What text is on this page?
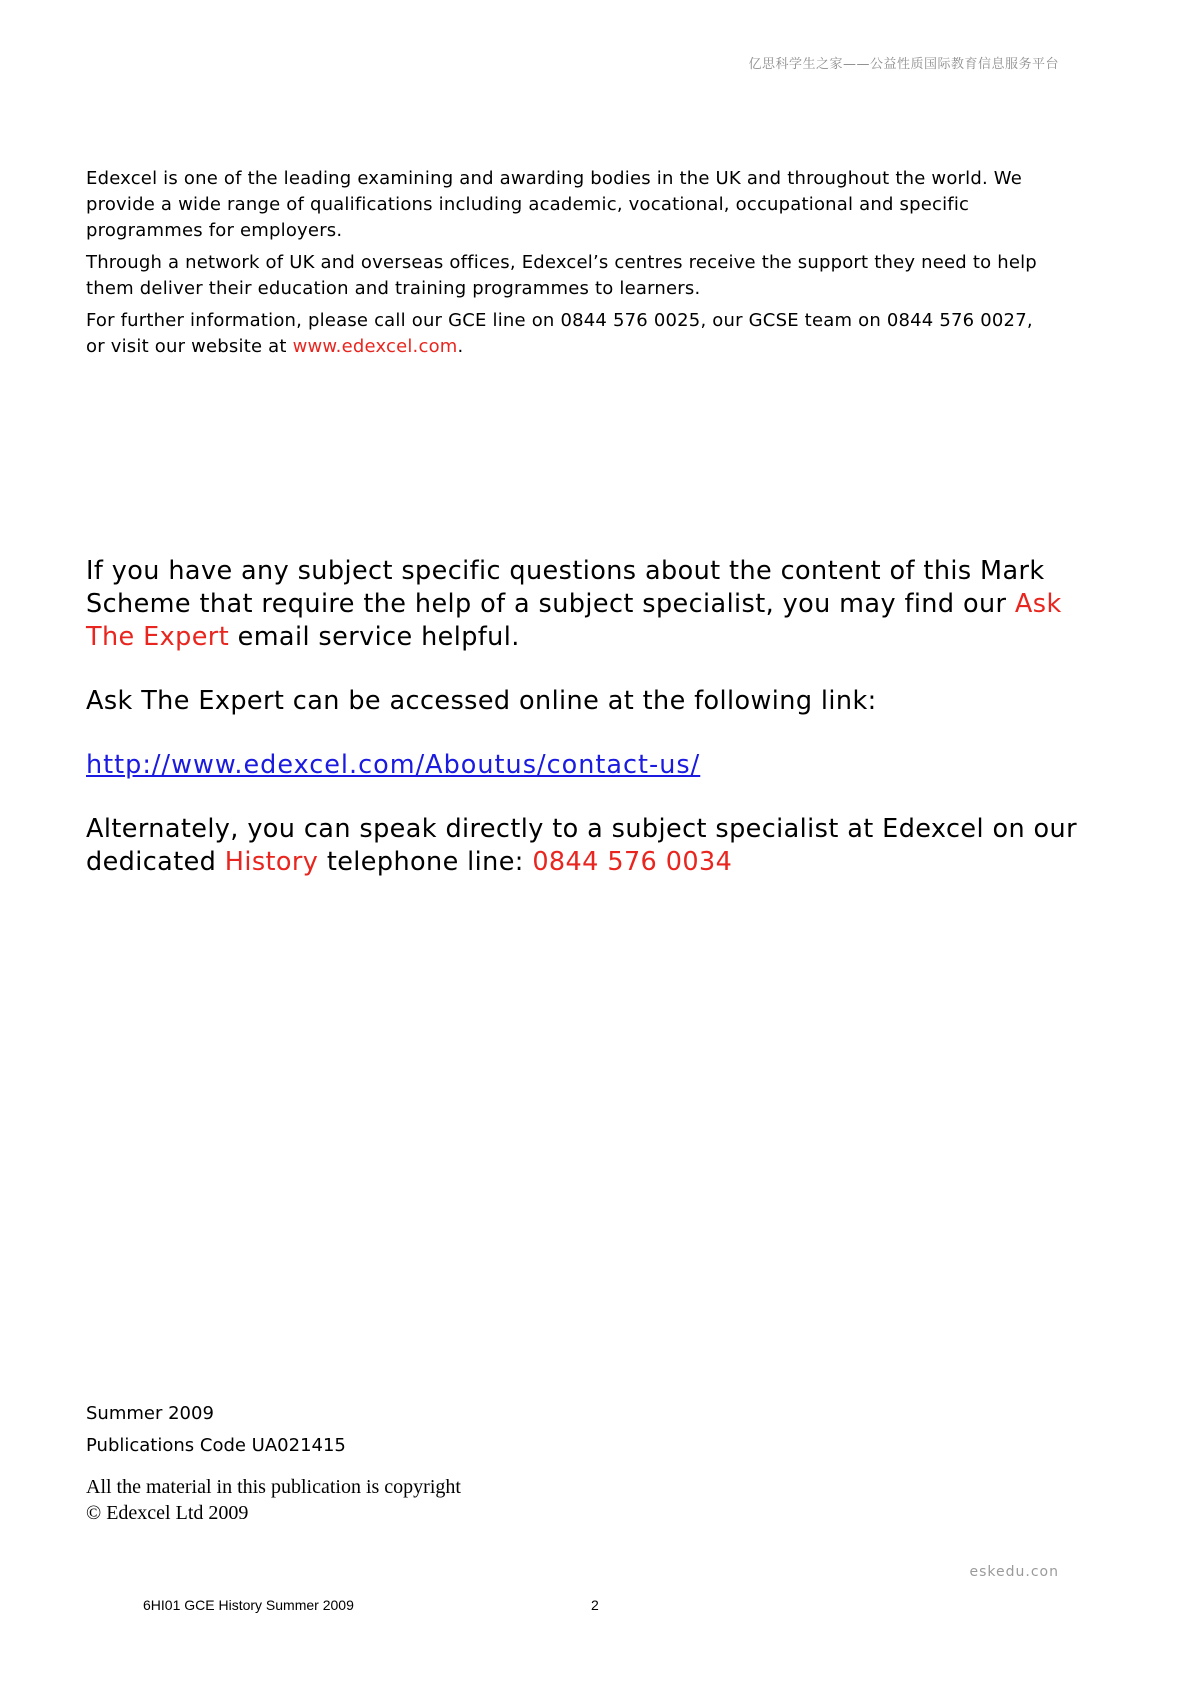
亿思科学生之家——公益性质国际教育信息服务平台

Edexcel is one of the leading examining and awarding bodies in the UK and throughout the world. We provide a wide range of qualifications including academic, vocational, occupational and specific programmes for employers.

Through a network of UK and overseas offices, Edexcel’s centres receive the support they need to help them deliver their education and training programmes to learners.

For further information, please call our GCE line on 0844 576 0025, our GCSE team on 0844 576 0027, or visit our website at www.edexcel.com.

If you have any subject specific questions about the content of this Mark Scheme that require the help of a subject specialist, you may find our Ask The Expert email service helpful.

Ask The Expert can be accessed online at the following link:

http://www.edexcel.com/Aboutus/contact-us/

Alternately, you can speak directly to a subject specialist at Edexcel on our dedicated History telephone line: 0844 576 0034

Summer 2009
Publications Code UA021415
All the material in this publication is copyright
© Edexcel Ltd 2009
eskedu.con
6HI01 GCE History Summer 2009	2
